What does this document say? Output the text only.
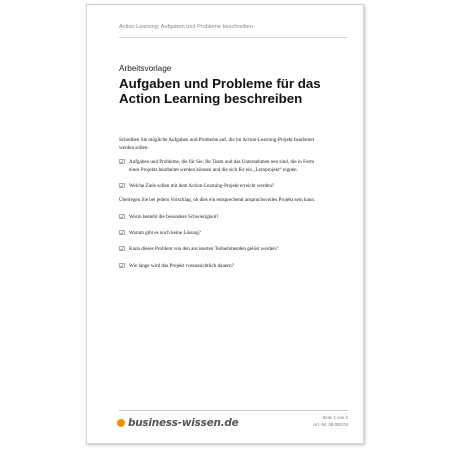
Action Learning: Aufgaben und Probleme beschreiben
Arbeitsvorlage
Aufgaben und Probleme für das Action Learning beschreiben

Schreiben Sie mögliche Aufgaben und Probleme auf, die im Action-Learning-Projekt bearbeitet werden sollen:

☑ Aufgaben und Probleme, die für Sie, Ihr Team und das Unternehmen neu sind, die in Form eines Projekts bearbeitet werden können und die sich für ein „Lernprojekt“ eignen.
☑ Welche Ziele sollen mit dem Action-Learning-Projekt erreicht werden?

Überlegen Sie bei jedem Vorschlag, ob dies ein entsprechend anspruchsvolles Projekt sein kann.

☑ Worin besteht die besondere Schwierigkeit?
☑ Warum gibt es noch keine Lösung?
☑ Kann dieses Problem von den anvisierten Teilnehmenden gelöst werden?
☑ Wie lange wird das Projekt voraussichtlich dauern?
business-wissen.de	Seite 1 von 2
Art.-Nr. 09.092.04
